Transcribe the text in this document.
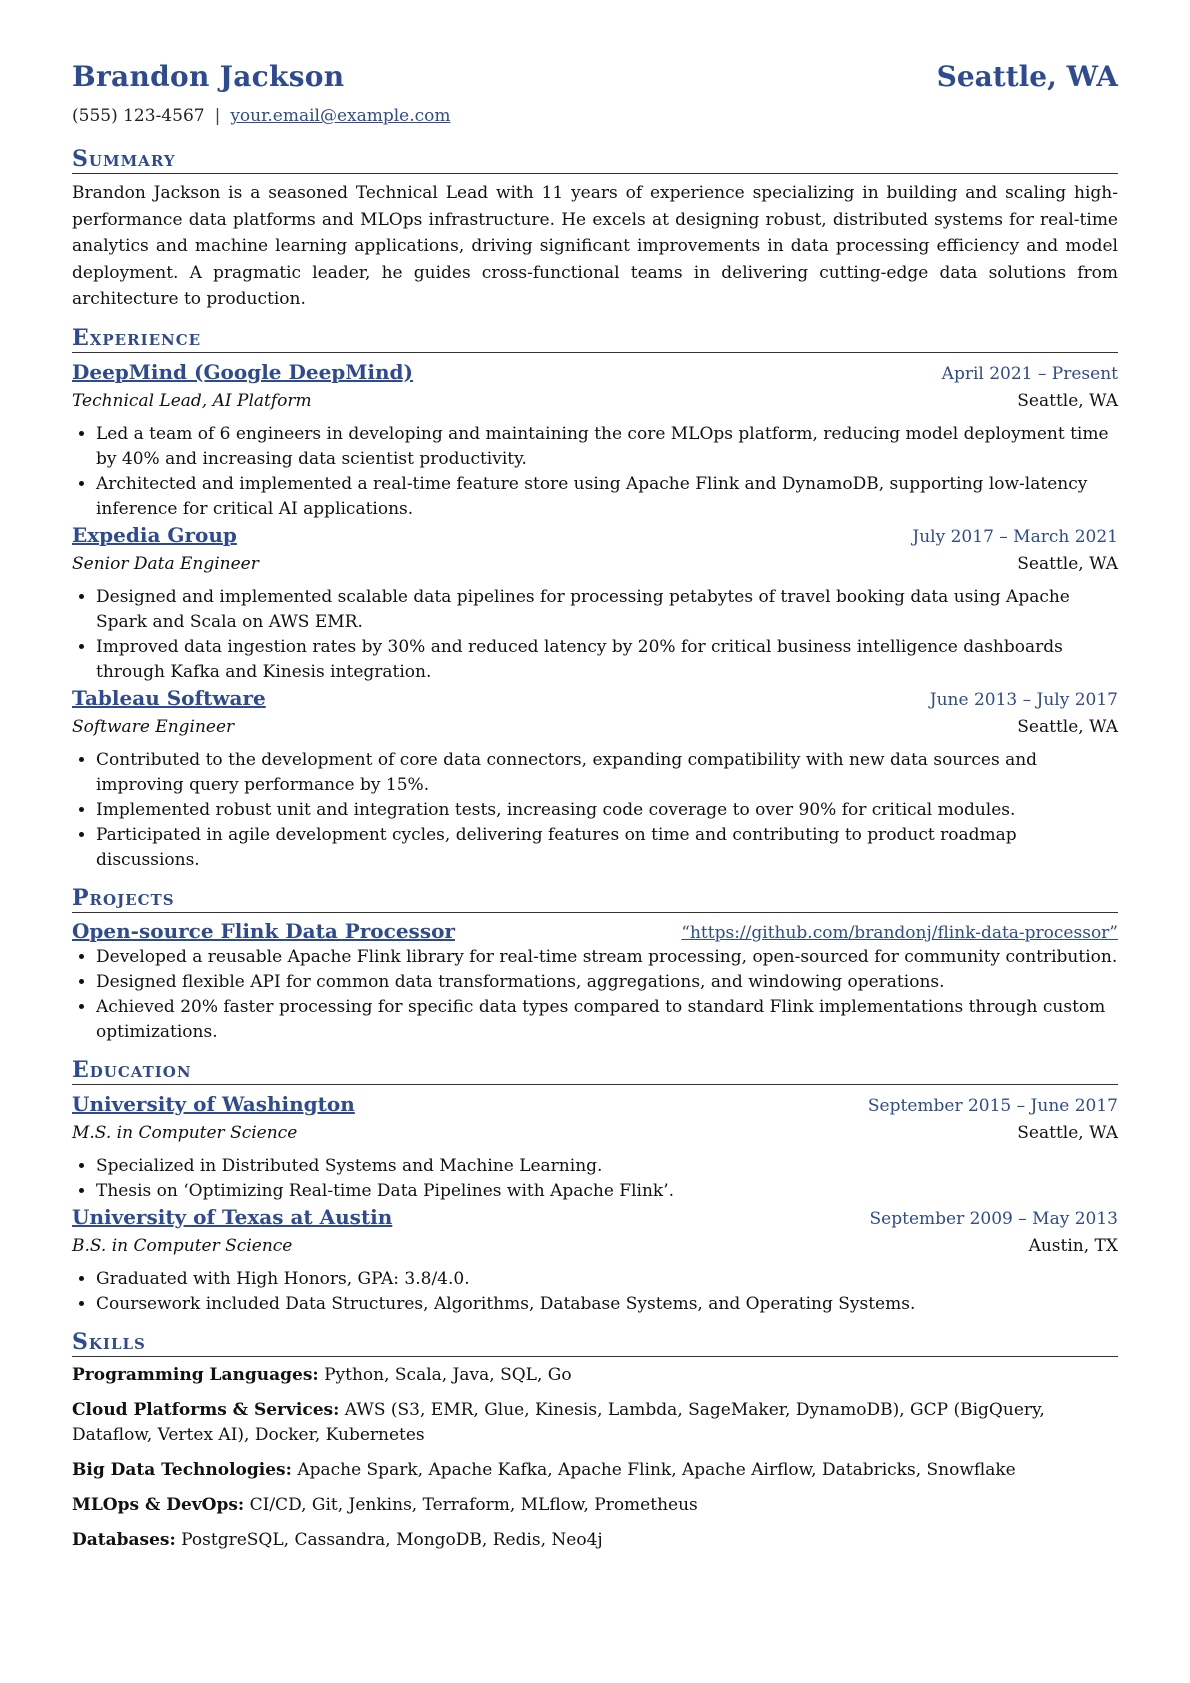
Brandon Jackson	Seattle, WA
(555) 123-4567 | your.email@example.com
Summary

Brandon Jackson is a seasoned Technical Lead with 11 years of experience specializing in building and scaling high-performance data platforms and MLOps infrastructure. He excels at designing robust, distributed systems for real-time analytics and machine learning applications, driving significant improvements in data processing efficiency and model deployment. A pragmatic leader, he guides cross-functional teams in delivering cutting-edge data solutions from architecture to production.

Experience
DeepMind (Google DeepMind)	April 2021 – Present
Technical Lead, AI Platform	Seattle, WA
• Led a team of 6 engineers in developing and maintaining the core MLOps platform, reducing model deployment time by 40% and increasing data scientist productivity.
• Architected and implemented a real-time feature store using Apache Flink and DynamoDB, supporting low-latency inference for critical AI applications.
Expedia Group	July 2017 – March 2021
Senior Data Engineer	Seattle, WA
• Designed and implemented scalable data pipelines for processing petabytes of travel booking data using Apache Spark and Scala on AWS EMR.
• Improved data ingestion rates by 30% and reduced latency by 20% for critical business intelligence dashboards through Kafka and Kinesis integration.
Tableau Software	June 2013 – July 2017
Software Engineer	Seattle, WA
• Contributed to the development of core data connectors, expanding compatibility with new data sources and improving query performance by 15%.
• Implemented robust unit and integration tests, increasing code coverage to over 90% for critical modules.
• Participated in agile development cycles, delivering features on time and contributing to product roadmap discussions.
Projects
Open-source Flink Data Processor	“https://github.com/brandonj/flink-data-processor”
• Developed a reusable Apache Flink library for real-time stream processing, open-sourced for community contribution.
• Designed flexible API for common data transformations, aggregations, and windowing operations.
• Achieved 20% faster processing for specific data types compared to standard Flink implementations through custom optimizations.
Education
University of Washington	September 2015 – June 2017
M.S. in Computer Science	Seattle, WA
• Specialized in Distributed Systems and Machine Learning.
• Thesis on ‘Optimizing Real-time Data Pipelines with Apache Flink’.
University of Texas at Austin	September 2009 – May 2013
B.S. in Computer Science	Austin, TX
• Graduated with High Honors, GPA: 3.8/4.0.
• Coursework included Data Structures, Algorithms, Database Systems, and Operating Systems.
Skills
Programming Languages: Python, Scala, Java, SQL, Go
Cloud Platforms & Services: AWS (S3, EMR, Glue, Kinesis, Lambda, SageMaker, DynamoDB), GCP (BigQuery, Dataflow, Vertex AI), Docker, Kubernetes
Big Data Technologies: Apache Spark, Apache Kafka, Apache Flink, Apache Airflow, Databricks, Snowflake
MLOps & DevOps: CI/CD, Git, Jenkins, Terraform, MLflow, Prometheus
Databases: PostgreSQL, Cassandra, MongoDB, Redis, Neo4j
